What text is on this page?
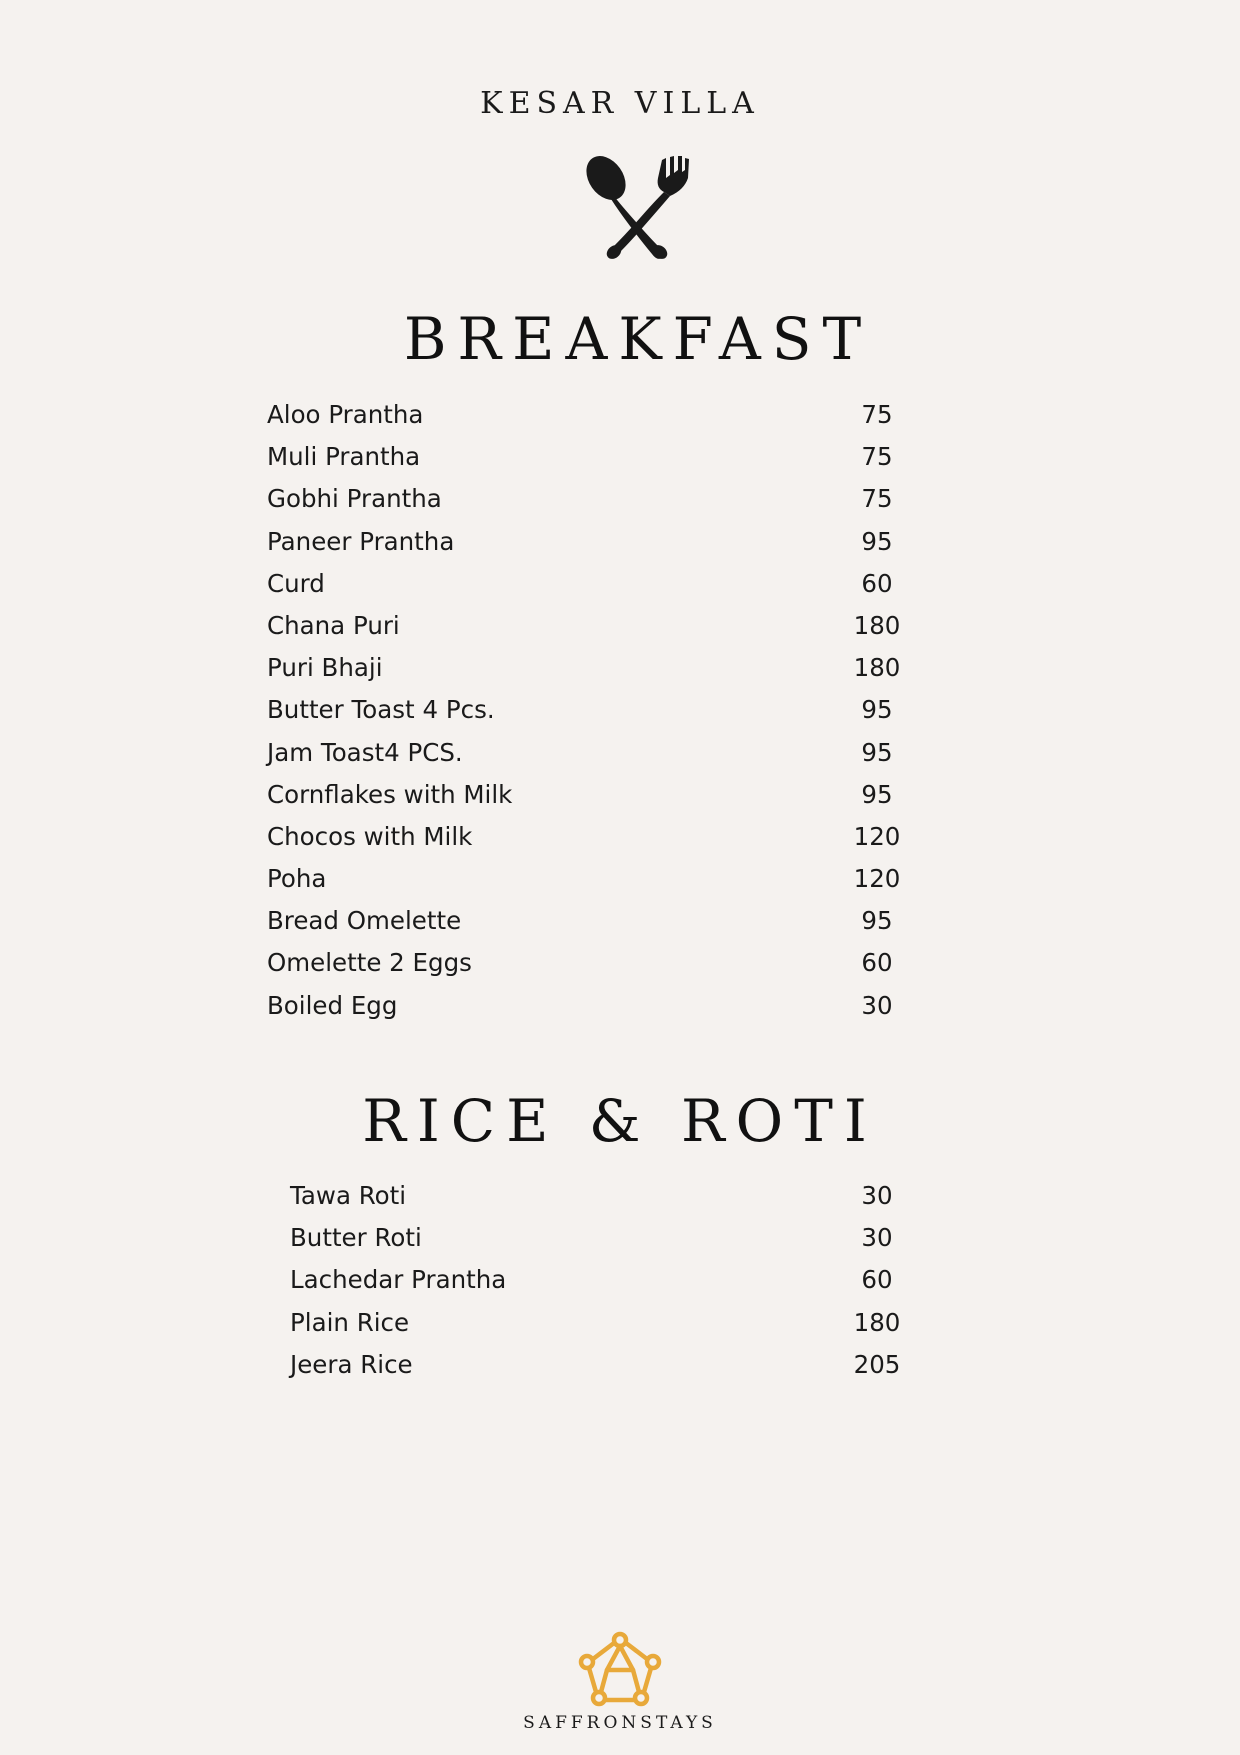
KESAR VILLA
BREAKFAST
Aloo Prantha	75
Muli Prantha	75
Gobhi Prantha	75
Paneer Prantha	95
Curd	60
Chana Puri	180
Puri Bhaji	180
Butter Toast 4 Pcs.	95
Jam Toast4 PCS.	95
Cornflakes with Milk	95
Chocos with Milk	120
Poha	120
Bread Omelette	95
Omelette 2 Eggs	60
Boiled Egg	30
RICE & ROTI
Tawa Roti	30
Butter Roti	30
Lachedar Prantha	60
Plain Rice	180
Jeera Rice	205
SAFFRONSTAYS
